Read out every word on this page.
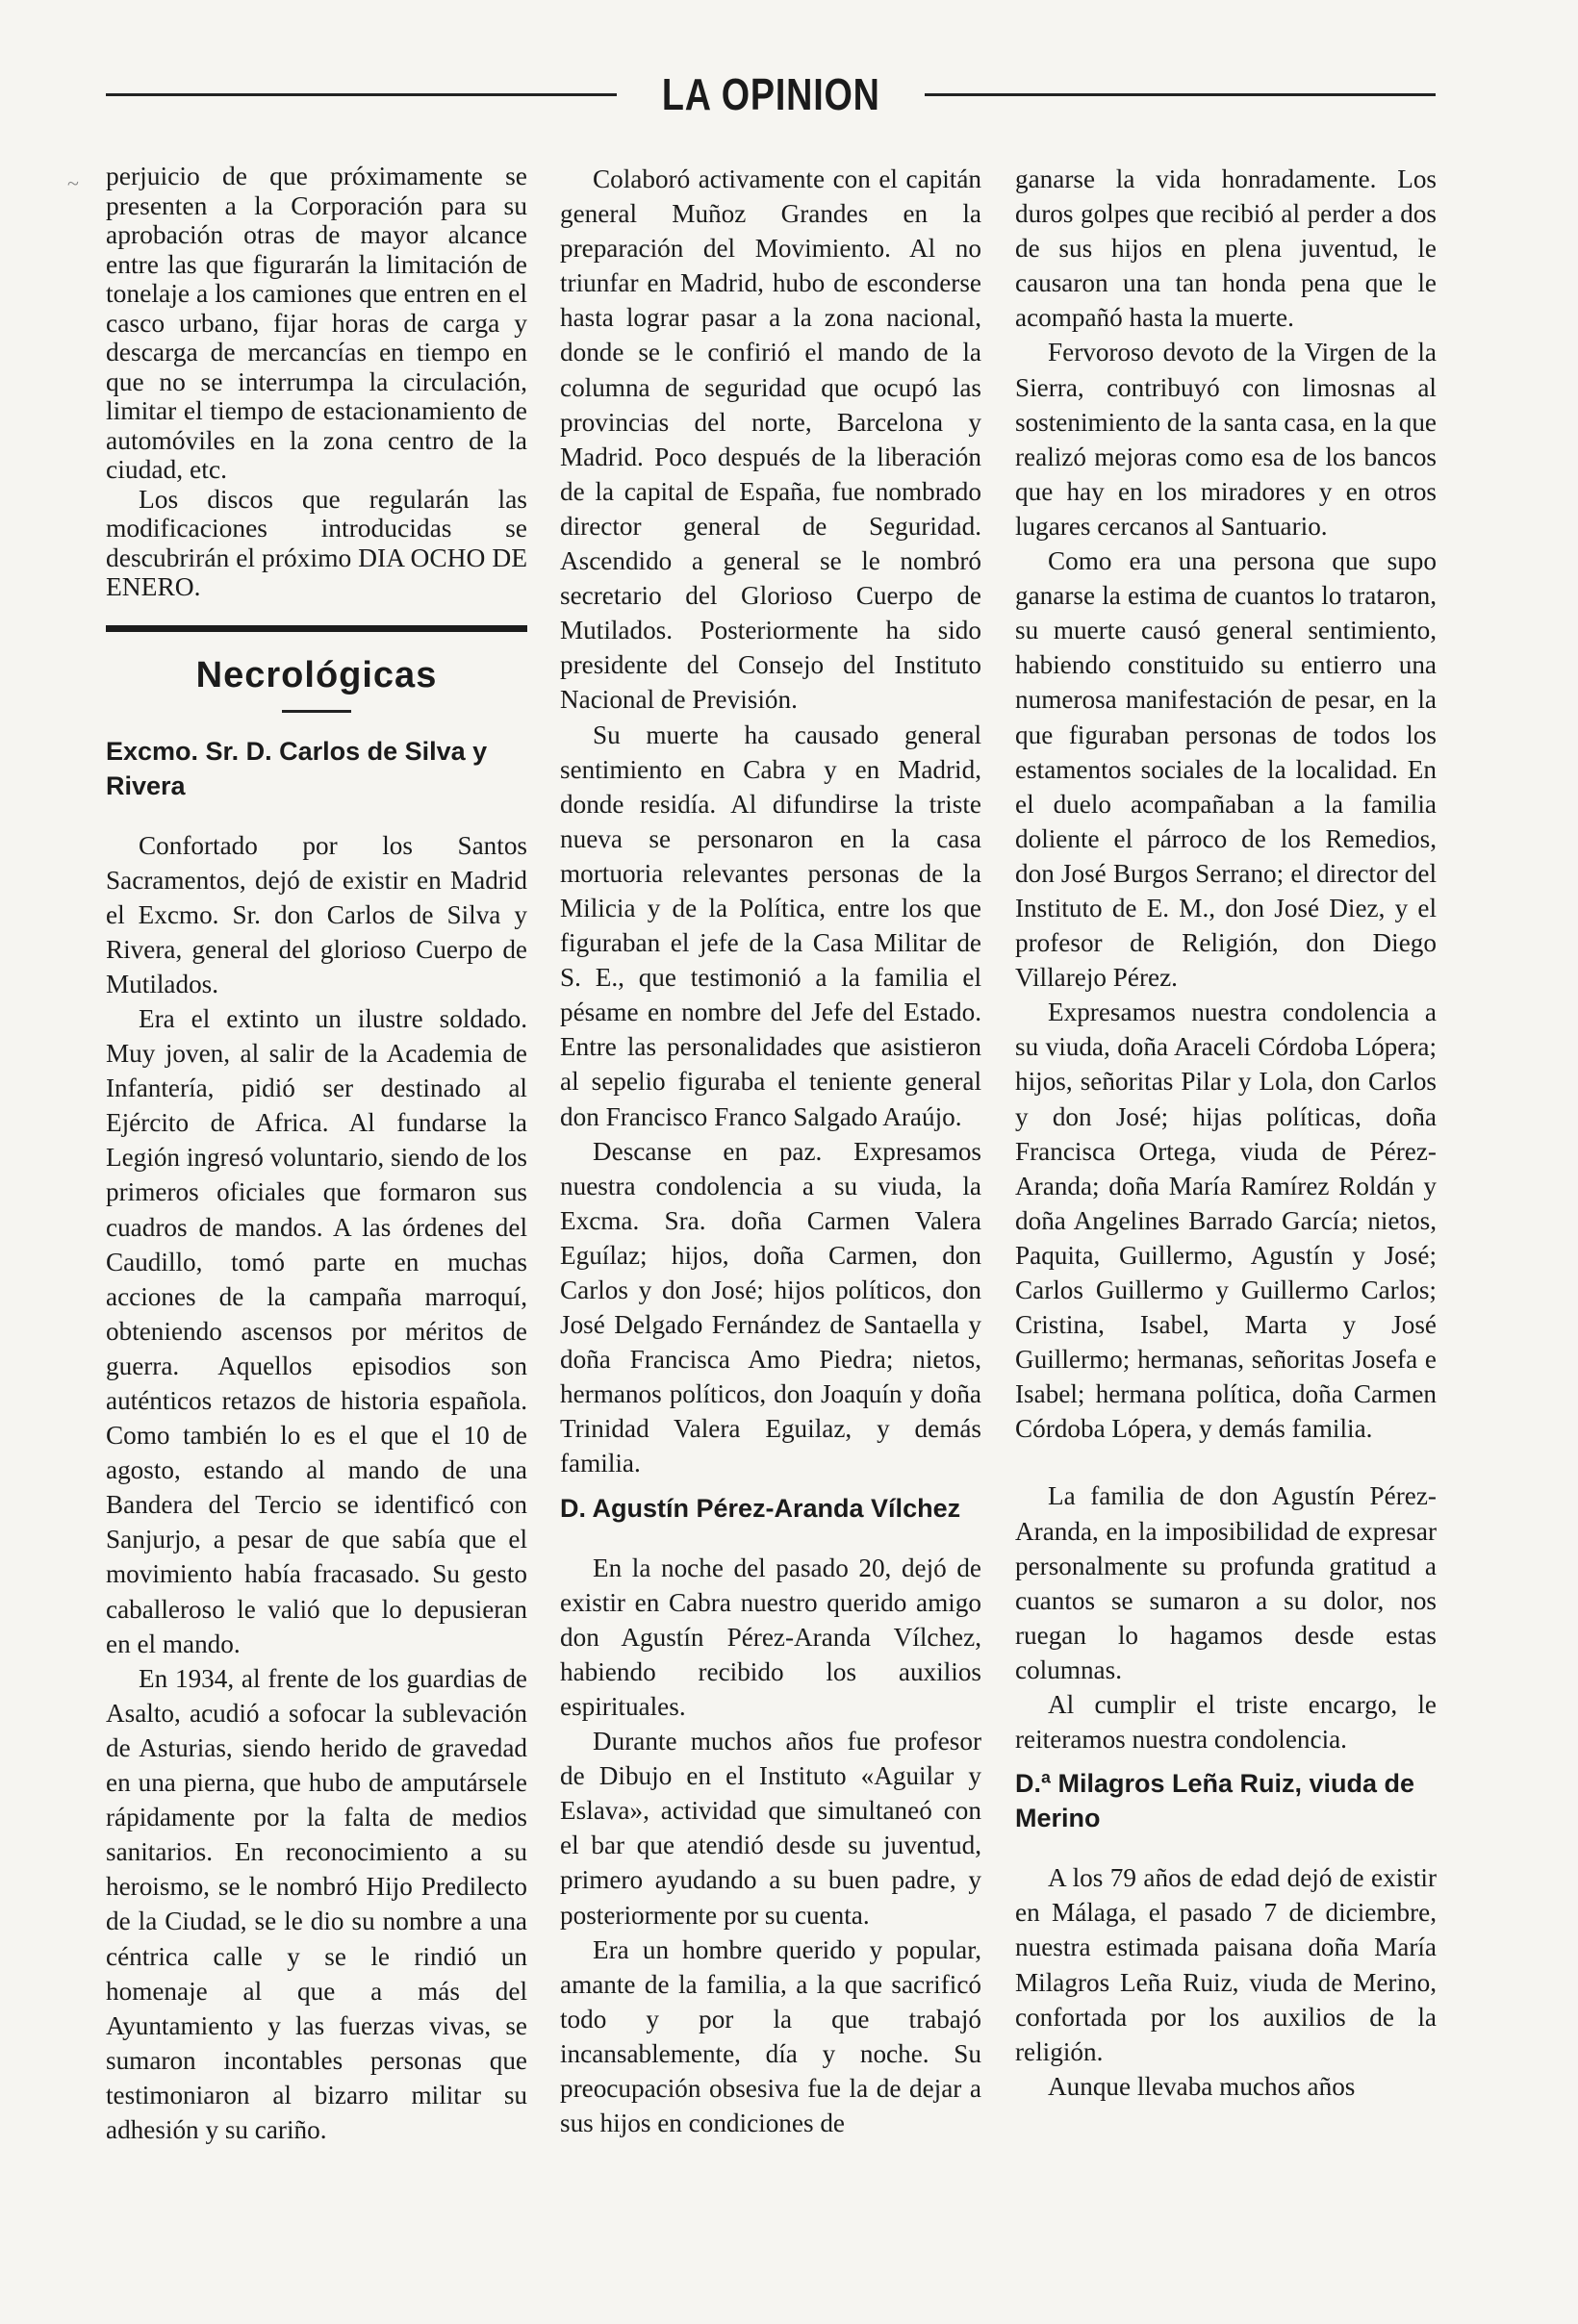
LA OPINION
~ perjuicio de que próximamente se presenten a la Corporación para su aprobación otras de mayor alcance entre las que figurarán la limitación de tonelaje a los camiones que entren en el casco urbano, fijar horas de carga y descarga de mercancías en tiempo en que no se interrumpa la circulación, limitar el tiempo de estacionamiento de automóviles en la zona centro de la ciudad, etc.

Los discos que regularán las modificaciones introducidas se descubrirán el próximo DIA OCHO DE ENERO.

Necrológicas
Excmo. Sr. D. Carlos de Silva y Rivera

Confortado por los Santos Sacramentos, dejó de existir en Madrid el Excmo. Sr. don Carlos de Silva y Rivera, general del glorioso Cuerpo de Mutilados.

Era el extinto un ilustre soldado. Muy joven, al salir de la Academia de Infantería, pidió ser destinado al Ejército de Africa. Al fundarse la Legión ingresó voluntario, siendo de los primeros oficiales que formaron sus cuadros de mandos. A las órdenes del Caudillo, tomó parte en muchas acciones de la campaña marroquí, obteniendo ascensos por méritos de guerra. Aquellos episodios son auténticos retazos de historia española. Como también lo es el que el 10 de agosto, estando al mando de una Bandera del Tercio se identificó con Sanjurjo, a pesar de que sabía que el movimiento había fracasado. Su gesto caballeroso le valió que lo depusieran en el mando.

En 1934, al frente de los guardias de Asalto, acudió a sofocar la sublevación de Asturias, siendo herido de gravedad en una pierna, que hubo de amputársele rápidamente por la falta de medios sanitarios. En reconocimiento a su heroismo, se le nombró Hijo Predilecto de la Ciudad, se le dio su nombre a una céntrica calle y se le rindió un homenaje al que a más del Ayuntamiento y las fuerzas vivas, se sumaron incontables personas que testimoniaron al bizarro militar su adhesión y su cariño.

Colaboró activamente con el capitán general Muñoz Grandes en la preparación del Movimiento. Al no triunfar en Madrid, hubo de esconderse hasta lograr pasar a la zona nacional, donde se le confirió el mando de la columna de seguridad que ocupó las provincias del norte, Barcelona y Madrid. Poco después de la liberación de la capital de España, fue nombrado director general de Seguridad. Ascendido a general se le nombró secretario del Glorioso Cuerpo de Mutilados. Posteriormente ha sido presidente del Consejo del Instituto Nacional de Previsión.

Su muerte ha causado general sentimiento en Cabra y en Madrid, donde residía. Al difundirse la triste nueva se personaron en la casa mortuoria relevantes personas de la Milicia y de la Política, entre los que figuraban el jefe de la Casa Militar de S. E., que testimonió a la familia el pésame en nombre del Jefe del Estado. Entre las personalidades que asistieron al sepelio figuraba el teniente general don Francisco Franco Salgado Araújo.

Descanse en paz. Expresamos nuestra condolencia a su viuda, la Excma. Sra. doña Carmen Valera Eguílaz; hijos, doña Carmen, don Carlos y don José; hijos políticos, don José Delgado Fernández de Santaella y doña Francisca Amo Piedra; nietos, hermanos políticos, don Joaquín y doña Trinidad Valera Eguilaz, y demás familia.

D. Agustín Pérez-Aranda Vílchez

En la noche del pasado 20, dejó de existir en Cabra nuestro querido amigo don Agustín Pérez-Aranda Vílchez, habiendo recibido los auxilios espirituales.

Durante muchos años fue profesor de Dibujo en el Instituto «Aguilar y Eslava», actividad que simultaneó con el bar que atendió desde su juventud, primero ayudando a su buen padre, y posteriormente por su cuenta.

Era un hombre querido y popular, amante de la familia, a la que sacrificó todo y por la que trabajó incansablemente, día y noche. Su preocupación obsesiva fue la de dejar a sus hijos en condiciones de

ganarse la vida honradamente. Los duros golpes que recibió al perder a dos de sus hijos en plena juventud, le causaron una tan honda pena que le acompañó hasta la muerte.

Fervoroso devoto de la Virgen de la Sierra, contribuyó con limosnas al sostenimiento de la santa casa, en la que realizó mejoras como esa de los bancos que hay en los miradores y en otros lugares cercanos al Santuario.

Como era una persona que supo ganarse la estima de cuantos lo trataron, su muerte causó general sentimiento, habiendo constituido su entierro una numerosa manifestación de pesar, en la que figuraban personas de todos los estamentos sociales de la localidad. En el duelo acompañaban a la familia doliente el párroco de los Remedios, don José Burgos Serrano; el director del Instituto de E. M., don José Diez, y el profesor de Religión, don Diego Villarejo Pérez.

Expresamos nuestra condolencia a su viuda, doña Araceli Córdoba Lópera; hijos, señoritas Pilar y Lola, don Carlos y don José; hijas políticas, doña Francisca Ortega, viuda de Pérez-Aranda; doña María Ramírez Roldán y doña Angelines Barrado García; nietos, Paquita, Guillermo, Agustín y José; Carlos Guillermo y Guillermo Carlos; Cristina, Isabel, Marta y José Guillermo; hermanas, señoritas Josefa e Isabel; hermana política, doña Carmen Córdoba Lópera, y demás familia.

La familia de don Agustín Pérez-Aranda, en la imposibilidad de expresar personalmente su profunda gratitud a cuantos se sumaron a su dolor, nos ruegan lo hagamos desde estas columnas.

Al cumplir el triste encargo, le reiteramos nuestra condolencia.

D.ª Milagros Leña Ruiz, viuda de Merino

A los 79 años de edad dejó de existir en Málaga, el pasado 7 de diciembre, nuestra estimada paisana doña María Milagros Leña Ruiz, viuda de Merino, confortada por los auxilios de la religión.

Aunque llevaba muchos años
